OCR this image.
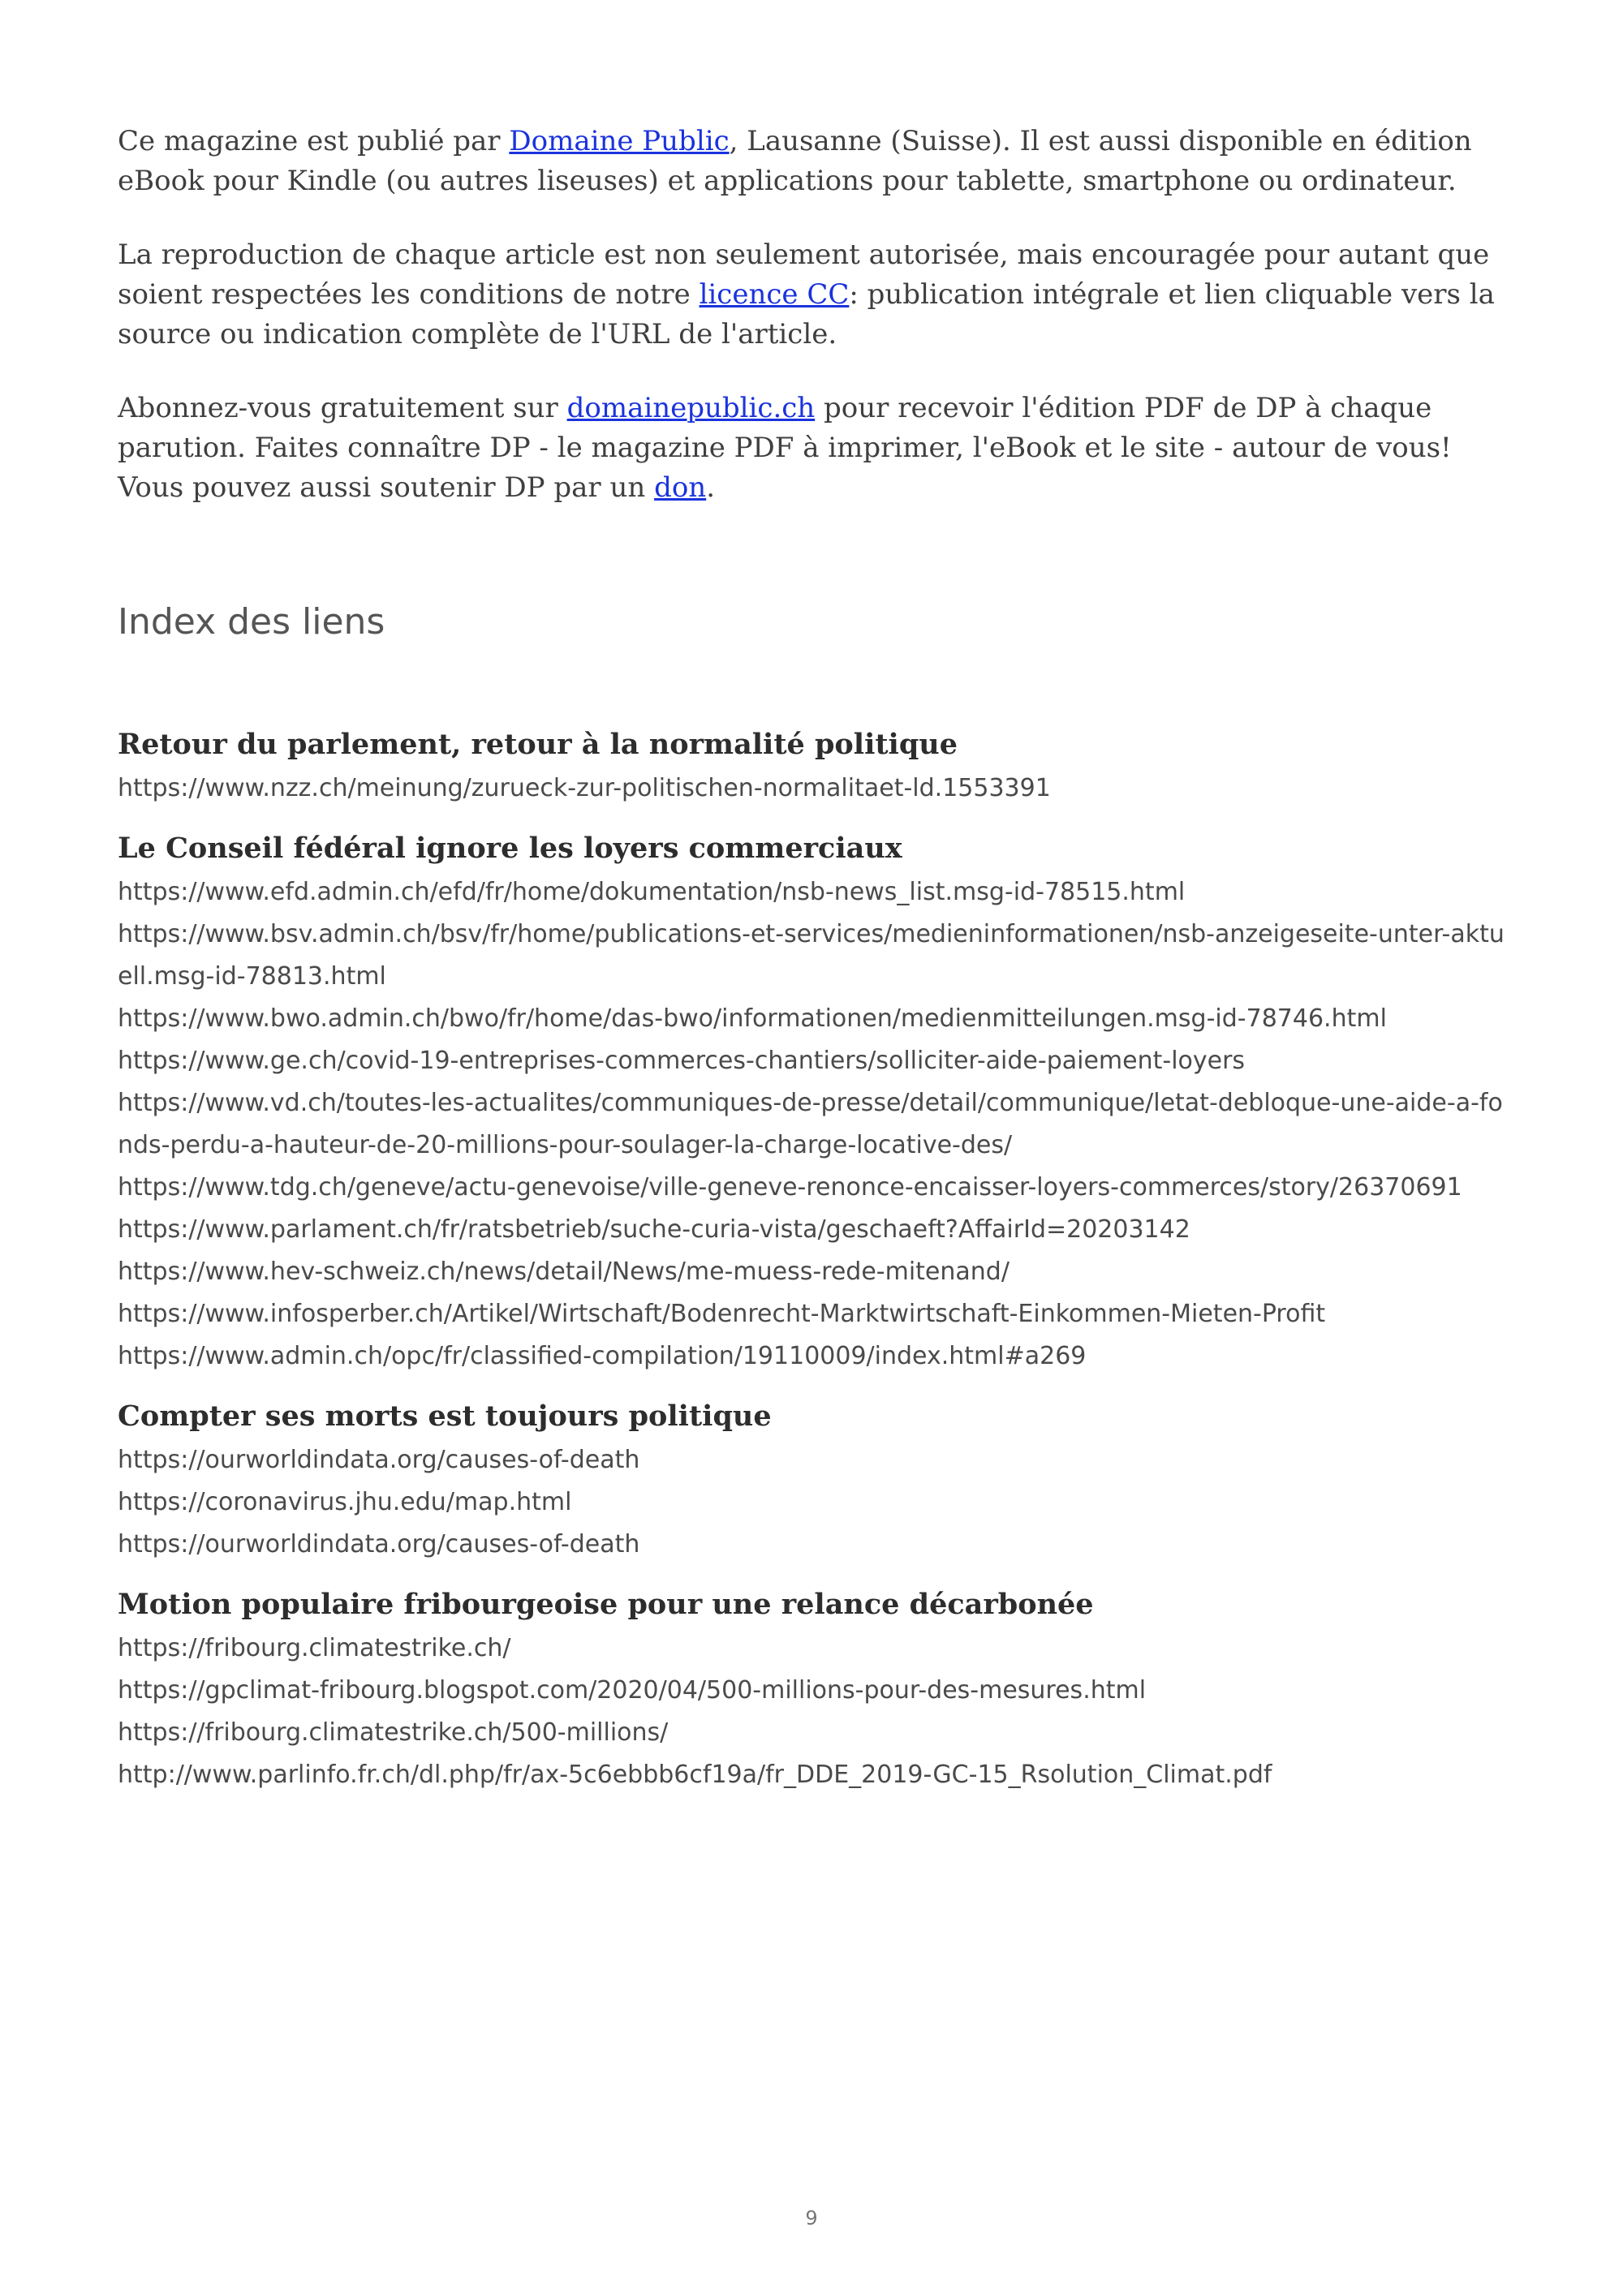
Ce magazine est publié par Domaine Public, Lausanne (Suisse). Il est aussi disponible en édition eBook pour Kindle (ou autres liseuses) et applications pour tablette, smartphone ou ordinateur.

La reproduction de chaque article est non seulement autorisée, mais encouragée pour autant que soient respectées les conditions de notre licence CC: publication intégrale et lien cliquable vers la source ou indication complète de l'URL de l'article.

Abonnez-vous gratuitement sur domainepublic.ch pour recevoir l'édition PDF de DP à chaque parution. Faites connaître DP - le magazine PDF à imprimer, l'eBook et le site - autour de vous! Vous pouvez aussi soutenir DP par un don.

Index des liens
Retour du parlement, retour à la normalité politique
https://www.nzz.ch/meinung/zurueck-zur-politischen-normalitaet-ld.1553391
Le Conseil fédéral ignore les loyers commerciaux
https://www.efd.admin.ch/efd/fr/home/dokumentation/nsb-news_list.msg-id-78515.html
https://www.bsv.admin.ch/bsv/fr/home/publications-et-services/medieninformationen/nsb-anzeigeseite-unter-aktuell.msg-id-78813.html
https://www.bwo.admin.ch/bwo/fr/home/das-bwo/informationen/medienmitteilungen.msg-id-78746.html
https://www.ge.ch/covid-19-entreprises-commerces-chantiers/solliciter-aide-paiement-loyers
https://www.vd.ch/toutes-les-actualites/communiques-de-presse/detail/communique/letat-debloque-une-aide-a-fonds-perdu-a-hauteur-de-20-millions-pour-soulager-la-charge-locative-des/
https://www.tdg.ch/geneve/actu-genevoise/ville-geneve-renonce-encaisser-loyers-commerces/story/26370691
https://www.parlament.ch/fr/ratsbetrieb/suche-curia-vista/geschaeft?AffairId=20203142
https://www.hev-schweiz.ch/news/detail/News/me-muess-rede-mitenand/
https://www.infosperber.ch/Artikel/Wirtschaft/Bodenrecht-Marktwirtschaft-Einkommen-Mieten-Profit
https://www.admin.ch/opc/fr/classified-compilation/19110009/index.html#a269
Compter ses morts est toujours politique
https://ourworldindata.org/causes-of-death
https://coronavirus.jhu.edu/map.html
https://ourworldindata.org/causes-of-death
Motion populaire fribourgeoise pour une relance décarbonée
https://fribourg.climatestrike.ch/
https://gpclimat-fribourg.blogspot.com/2020/04/500-millions-pour-des-mesures.html
https://fribourg.climatestrike.ch/500-millions/
http://www.parlinfo.fr.ch/dl.php/fr/ax-5c6ebbb6cf19a/fr_DDE_2019-GC-15_Rsolution_Climat.pdf
9
